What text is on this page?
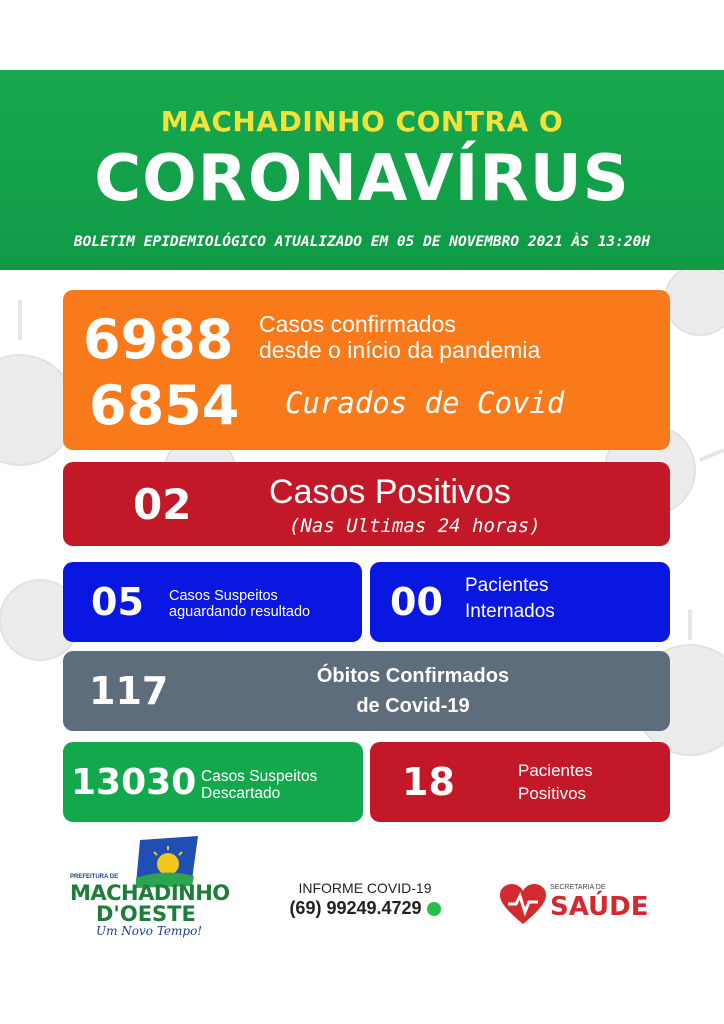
MACHADINHO CONTRA O
CORONAVÍRUS
BOLETIM EPIDEMIOLÓGICO ATUALIZADO EM 05 DE NOVEMBRO 2021 ÀS 13:20H
6988 Casos confirmados
desde o início da pandemia
6854 Curados de Covid
02 Casos Positivos
(Nas Ultimas 24 horas)
05 Casos Suspeitos
aguardando resultado 00 Pacientes
Internados
117	Óbitos Confirmados
de Covid-19
13030 Casos Suspeitos
Descartado	18	Pacientes
Positivos
PREFEITURA DE
MACHADINHO
D'OESTE
Um Novo Tempo!
INFORME COVID-19
(69) 99249.4729
SECRETARIA DE
SAÚDE
